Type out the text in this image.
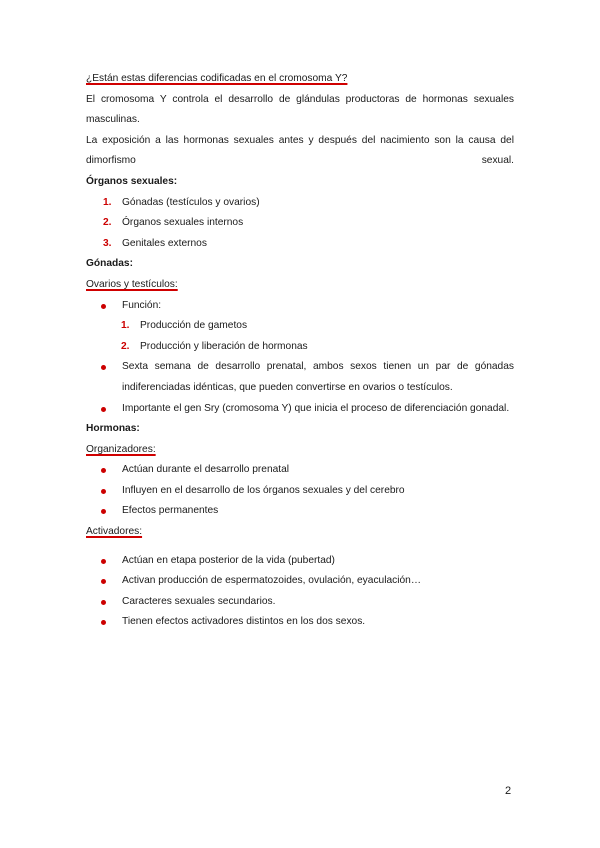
¿Están estas diferencias codificadas en el cromosoma Y?
El cromosoma Y controla el desarrollo de glándulas productoras de hormonas sexuales masculinas.
La exposición a las hormonas sexuales antes y después del nacimiento son la causa del dimorfismo sexual.
Órganos sexuales:
1. Gónadas (testículos y ovarios)
2. Órganos sexuales internos
3. Genitales externos
Gónadas:
Ovarios y testículos:
Función:
1. Producción de gametos
2. Producción y liberación de hormonas
Sexta semana de desarrollo prenatal, ambos sexos tienen un par de gónadas indiferenciadas idénticas, que pueden convertirse en ovarios o testículos.
Importante el gen Sry (cromosoma Y) que inicia el proceso de diferenciación gonadal.
Hormonas:
Organizadores:
Actúan durante el desarrollo prenatal
Influyen en el desarrollo de los órganos sexuales y del cerebro
Efectos permanentes
Activadores:
Actúan en etapa posterior de la vida (pubertad)
Activan producción de espermatozoides, ovulación, eyaculación…
Caracteres sexuales secundarios.
Tienen efectos activadores distintos en los dos sexos.
2
